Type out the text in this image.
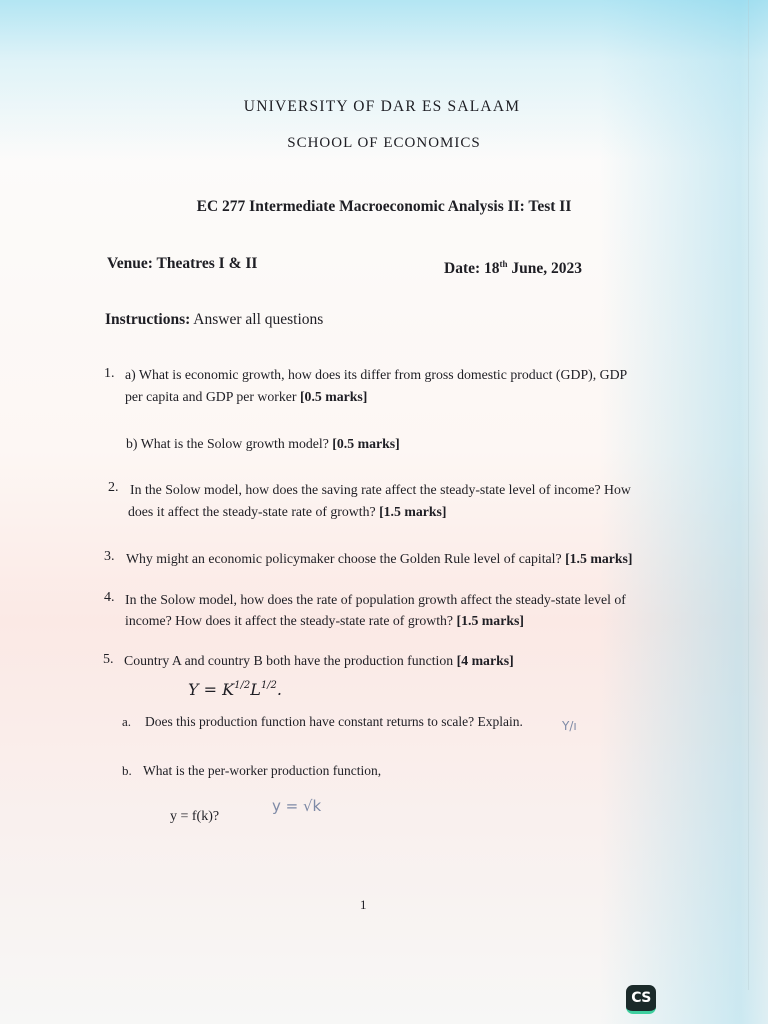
UNIVERSITY OF DAR ES SALAAM
SCHOOL OF ECONOMICS
EC 277 Intermediate Macroeconomic Analysis II: Test II
Venue: Theatres I & II	Date: 18th June, 2023
Instructions: Answer all questions
1. a) What is economic growth, how does its differ from gross domestic product (GDP), GDP
per capita and GDP per worker [0.5 marks]
b) What is the Solow growth model? [0.5 marks]
2. In the Solow model, how does the saving rate affect the steady-state level of income? How
does it affect the steady-state rate of growth? [1.5 marks]
3. Why might an economic policymaker choose the Golden Rule level of capital? [1.5 marks]
4. In the Solow model, how does the rate of population growth affect the steady-state level of
income? How does it affect the steady-state rate of growth? [1.5 marks]
5. Country A and country B both have the production function [4 marks]
$Y = K^{1/2}L^{1/2}$.
a. Does this production function have constant returns to scale? Explain.	Y/ı
b. What is the per-worker production function,
y = f(k)?
y = √k
1
CS
